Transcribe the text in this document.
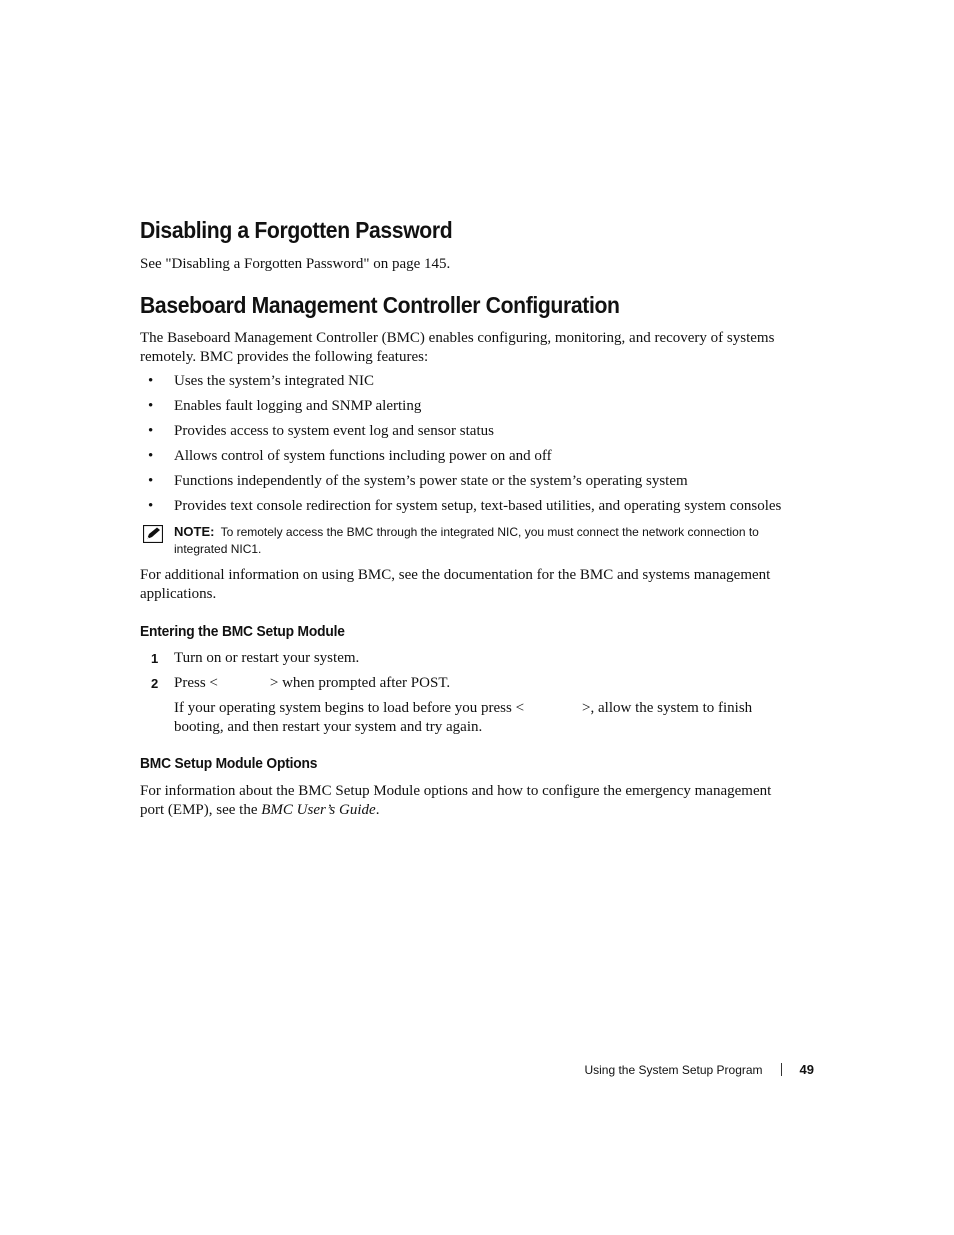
Disabling a Forgotten Password

See "Disabling a Forgotten Password" on page 145.

Baseboard Management Controller Configuration

The Baseboard Management Controller (BMC) enables configuring, monitoring, and recovery of systems
remotely. BMC provides the following features:

• Uses the system’s integrated NIC
• Enables fault logging and SNMP alerting
• Provides access to system event log and sensor status
• Allows control of system functions including power on and off
• Functions independently of the system’s power state or the system’s operating system
• Provides text console redirection for system setup, text-based utilities, and operating system consoles
NOTE: To remotely access the BMC through the integrated NIC, you must connect the network connection to
integrated NIC1.

For additional information on using BMC, see the documentation for the BMC and systems management
applications.

Entering the BMC Setup Module
1 Turn on or restart your system.
2 Press <	> when prompted after POST.

If your operating system begins to load before you press <	>, allow the system to finish
booting, and then restart your system and try again.

BMC Setup Module Options

For information about the BMC Setup Module options and how to configure the emergency management
port (EMP), see the BMC User’s Guide.

Using the System Setup Program	49
